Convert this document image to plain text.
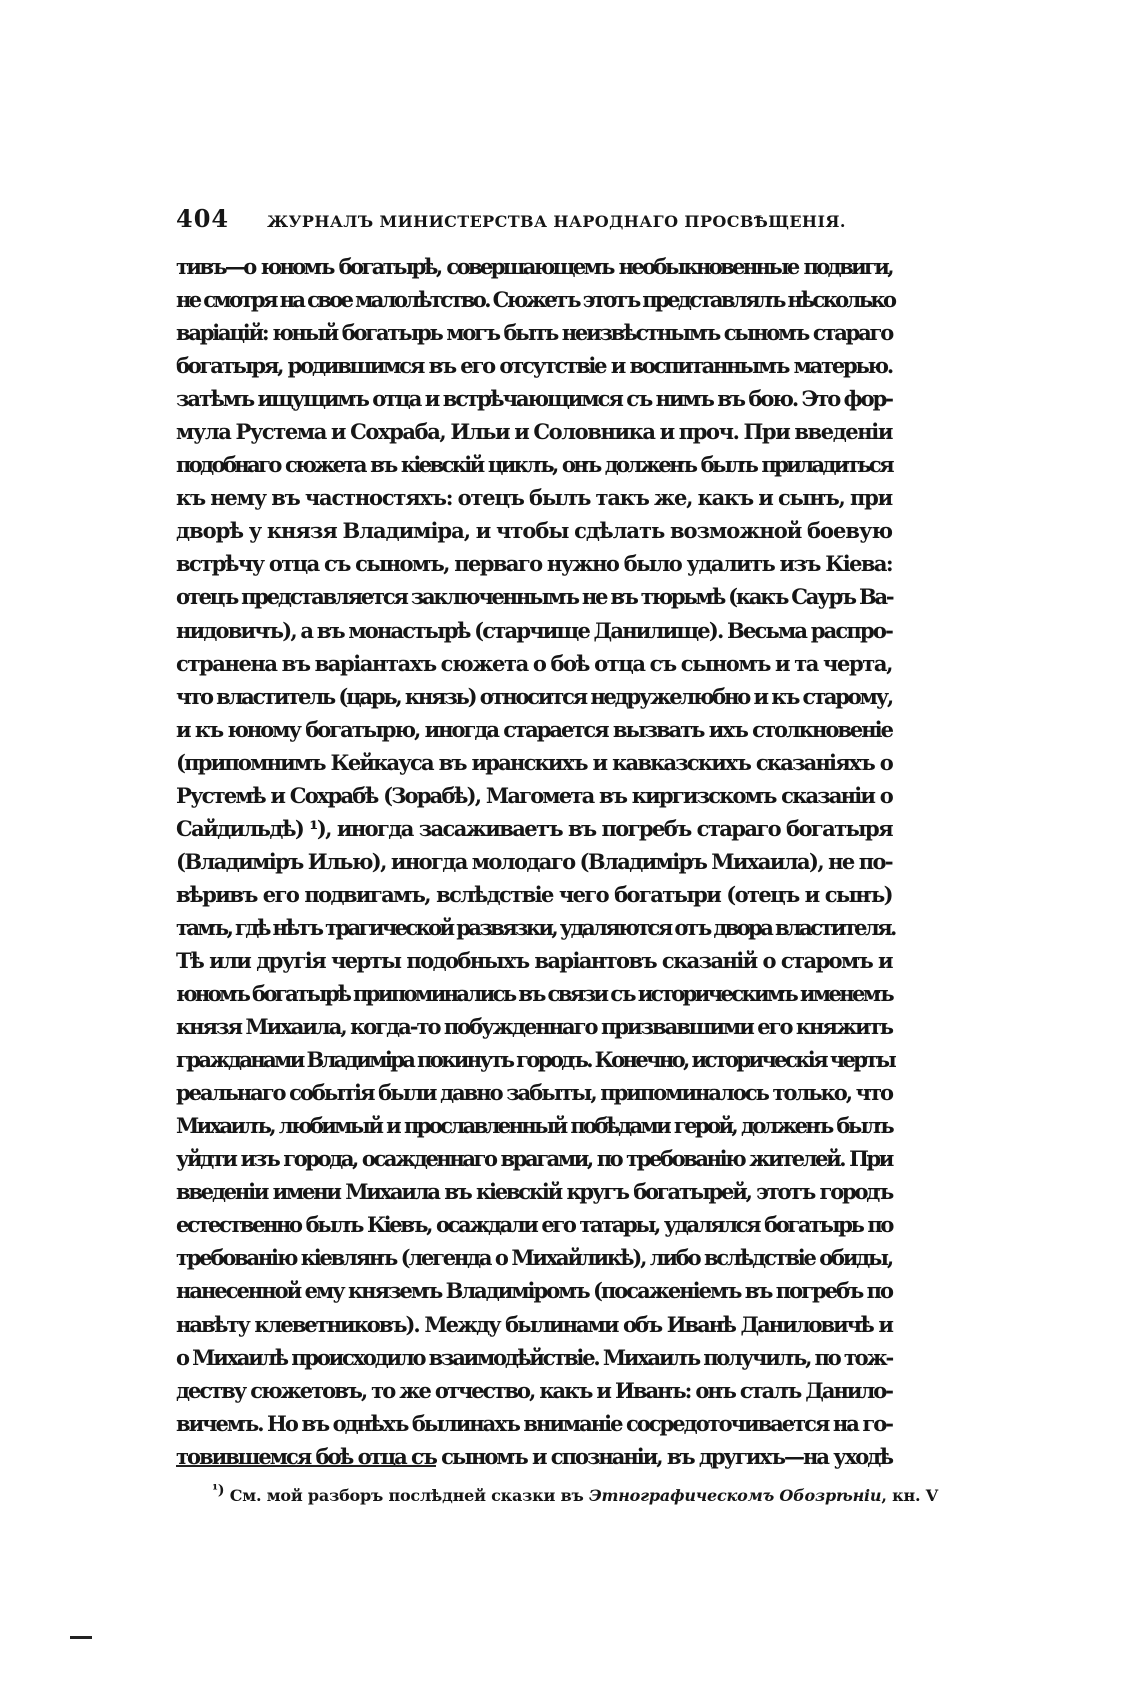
404 ЖУРНАЛЪ МИНИСТЕРСТВА НАРОДНАГО ПРОСВѢЩЕНІЯ.
тивъ—о юномъ богатырѣ, совершающемъ необыкновенные подвиги,
не смотря на свое малолѣтство. Сюжетъ этотъ представлялъ нѣсколько
варіацій: юный богатырь могъ быть неизвѣстнымъ сыномъ стараго
богатыря, родившимся въ его отсутствіе и воспитаннымъ матерью.
затѣмъ ищущимъ отца и встрѣчающимся съ нимъ въ бою. Это фор-
мула Рустема и Сохраба, Ильи и Соловника и проч. При введеніи
подобнаго сюжета въ кіевскій циклъ, онъ долженъ былъ приладиться
къ нему въ частностяхъ: отецъ былъ такъ же, какъ и сынъ, при
дворѣ у князя Владиміра, и чтобы сдѣлать возможной боевую
встрѣчу отца съ сыномъ, перваго нужно было удалить изъ Кіева:
отецъ представляется заключеннымъ не въ тюрьмѣ (какъ Сауръ Ва-
нидовичъ), а въ монастырѣ (старчище Данилище). Весьма распро-
странена въ варіантахъ сюжета о боѣ отца съ сыномъ и та черта,
что властитель (царь, князь) относится недружелюбно и къ старому,
и къ юному богатырю, иногда старается вызвать ихъ столкновеніе
(припомнимъ Кейкауса въ иранскихъ и кавказскихъ сказаніяхъ о
Рустемѣ и Сохрабѣ (Зорабѣ), Магомета въ киргизскомъ сказаніи о
Сайдильдѣ) ¹), иногда засаживаетъ въ погребъ стараго богатыря
(Владиміръ Илью), иногда молодаго (Владиміръ Михаила), не по-
вѣривъ его подвигамъ, вслѣдствіе чего богатыри (отецъ и сынъ)
тамъ, гдѣ нѣтъ трагической развязки, удаляются отъ двора властителя.
Тѣ или другія черты подобныхъ варіантовъ сказаній о старомъ и
юномъ богатырѣ припоминались въ связи съ историческимъ именемъ
князя Михаила, когда-то побужденнаго призвавшими его княжить
гражданами Владиміра покинуть городъ. Конечно, историческія черты
реальнаго событія были давно забыты, припоминалось только, что
Михаилъ, любимый и прославленный побѣдами герой, долженъ былъ
уйдти изъ города, осажденнаго врагами, по требованію жителей. При
введеніи имени Михаила въ кіевскій кругъ богатырей, этотъ городъ
естественно былъ Кіевъ, осаждали его татары, удалялся богатырь по
требованію кіевлянъ (легенда о Михайликѣ), либо вслѣдствіе обиды,
нанесенной ему княземъ Владиміромъ (посаженіемъ въ погребъ по
навѣту клеветниковъ). Между былинами объ Иванѣ Даниловичѣ и
о Михаилѣ происходило взаимодѣйствіе. Михаилъ получилъ, по тож-
деству сюжетовъ, то же отчество, какъ и Иванъ: онъ сталъ Данило-
вичемъ. Но въ однѣхъ былинахъ вниманіе сосредоточивается на го-
товившемся боѣ отца съ сыномъ и спознаніи, въ другихъ—на уходѣ
¹) См. мой разборъ послѣдней сказки въ Этнографическомъ Обозрѣніи, кн. V
